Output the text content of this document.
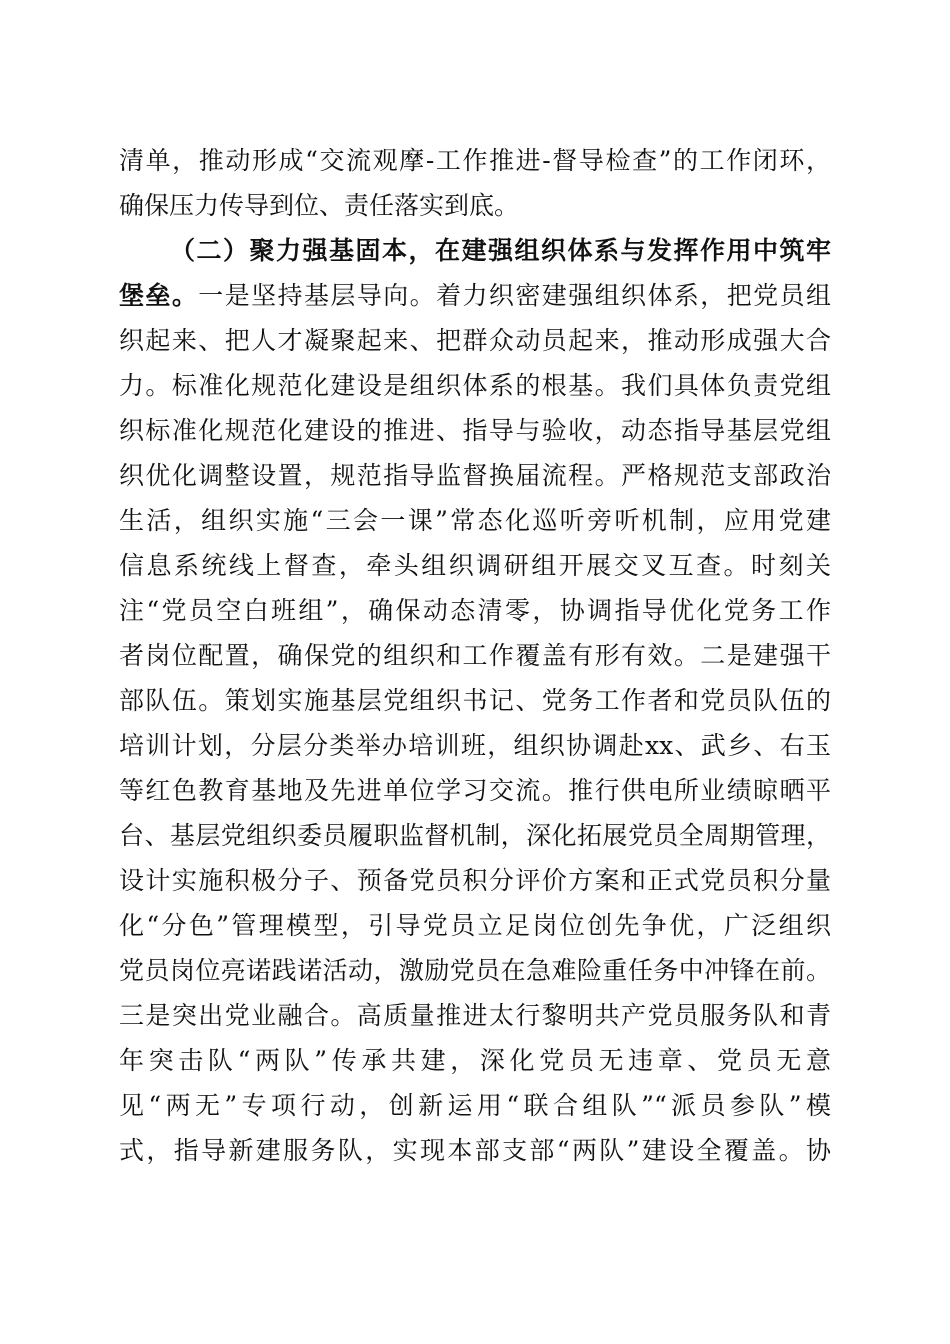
清单，推动形成“交流观摩-工作推进-督导检查”的工作闭环，
确保压力传导到位、责任落实到底。
（二）聚力强基固本，在建强组织体系与发挥作用中筑牢
堡垒。一是坚持基层导向。着力织密建强组织体系，把党员组
织起来、把人才凝聚起来、把群众动员起来，推动形成强大合
力。标准化规范化建设是组织体系的根基。我们具体负责党组
织标准化规范化建设的推进、指导与验收，动态指导基层党组
织优化调整设置，规范指导监督换届流程。严格规范支部政治
生活，组织实施“三会一课”常态化巡听旁听机制，应用党建
信息系统线上督查，牵头组织调研组开展交叉互查。时刻关
注“党员空白班组”，确保动态清零，协调指导优化党务工作
者岗位配置，确保党的组织和工作覆盖有形有效。二是建强干
部队伍。策划实施基层党组织书记、党务工作者和党员队伍的
培训计划，分层分类举办培训班，组织协调赴xx、武乡、右玉
等红色教育基地及先进单位学习交流。推行供电所业绩晾晒平
台、基层党组织委员履职监督机制，深化拓展党员全周期管理，
设计实施积极分子、预备党员积分评价方案和正式党员积分量
化“分色”管理模型，引导党员立足岗位创先争优，广泛组织
党员岗位亮诺践诺活动，激励党员在急难险重任务中冲锋在前。
三是突出党业融合。高质量推进太行黎明共产党员服务队和青
年突击队“两队”传承共建，深化党员无违章、党员无意
见“两无”专项行动，创新运用“联合组队”“派员参队”模
式，指导新建服务队，实现本部支部“两队”建设全覆盖。协
